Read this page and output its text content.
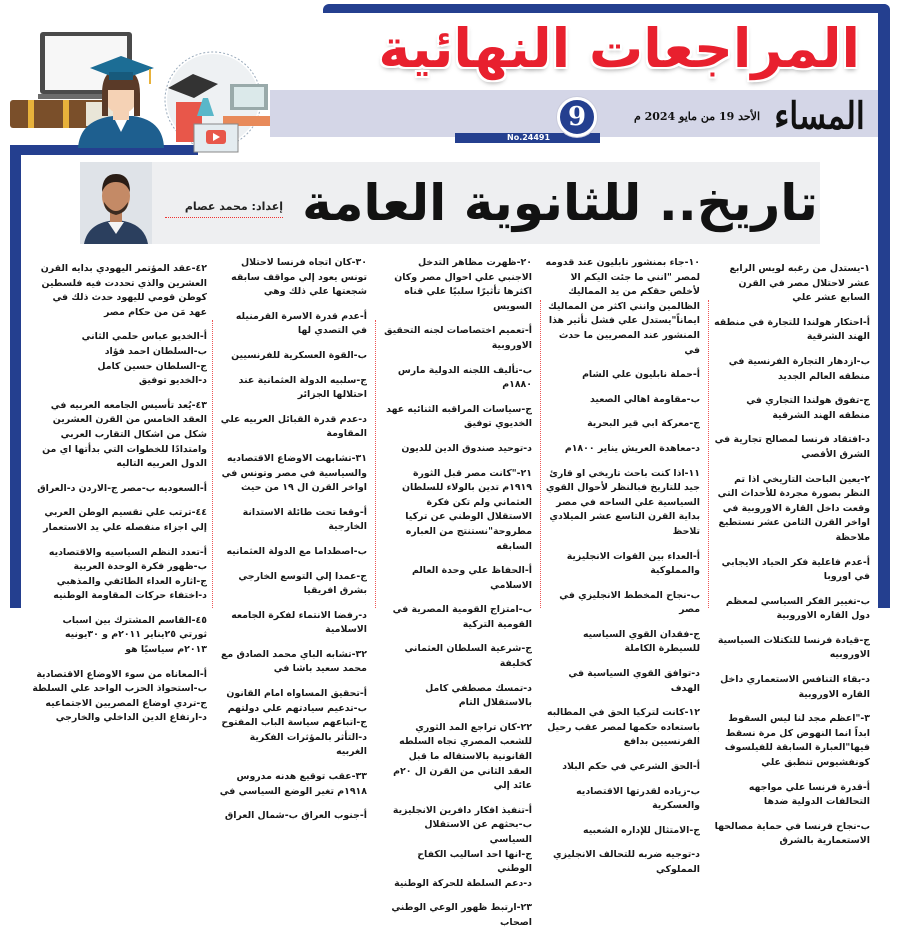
المراجعات النهائية
المساء
الأحد 19 من مايو 2024 م
No.24491
9
تاريخ.. للثانوية العامة
إعداد: محمد عصام
١-يستدل من رغبه لويس الرابع عشر لاحتلال مصر في القرن السابع عشر علي
أ-احتكار هولندا للتجارة في منطقه الهند الشرقية
ب-ازدهار التجارة الفرنسية في منطقه العالم الجديد
ج-تفوق هولندا التجاري في منطقه الهند الشرقية
د-افتقاد فرنسا لمصالح تجارية في الشرق الأقصي
٢-يعين الباحث التاريخي اذا تم النظر بصورة مجردة للأحداث التي وقعت داخل القارة الاوروبية في اواخر القرن الثامن عشر نستطيع ملاحظة
أ-عدم فاعلية فكر الحياد الايجابي في اوروبا
ب-تغيير الفكر السياسي لمعظم دول القاره الاوروبية
ج-قيادة فرنسا للتكتلات السياسية الاوروبيه
د-بقاء التنافس الاستعماري داخل القاره الاوروبية
٣-"اعظم مجد لنا ليس السقوط ابداً انما النهوض كل مرة نسقط فيها"العبارة السابقة للفيلسوف كونفشيوس تنطبق علي
أ-قدرة فرنسا علي مواجهه التحالفات الدولية ضدها
ب-نجاح فرنسا في حماية مصالحها الاستعمارية بالشرق
١٠-جاء بمنشور نابليون عند قدومه لمصر "انني ما جئت اليكم الا لأخلص حقكم من يد المماليك الظالمين وانني اكثر من المماليك ايماناً"يستدل علي فشل تأثير هذا المنشور عند المصريين ما حدث في
أ-حملة نابليون علي الشام
ب-مقاومة اهالي الصعيد
ج-معركة ابي قير البحرية
د-معاهدة العريش يناير ١٨٠٠م
١١-اذا كنت باحث تاريخي او قارئ جيد للتاريخ فبالنظر لأحوال القوي السياسية علي الساحه في مصر بداية القرن التاسع عشر الميلادي تلاحظ
أ-العداء بين القوات الانجليزية والمملوكية
ب-نجاح المخطط الانجليزي في مصر
ج-فقدان القوي السياسيه للسيطرة الكاملة
د-توافق القوي السياسية في الهدف
١٢-كانت لتركيا الحق في المطالبه باستعاده حكمها لمصر عقب رحيل الفرنسيين بدافع
أ-الحق الشرعي في حكم البلاد
ب-زياده لقدرتها الاقتصاديه والعسكرية
ج-الامتثال للإداره الشعبيه
د-توجيه ضربه للتحالف الانجليزي المملوكي
٢٠-ظهرت مظاهر التدخل الاجنبي علي احوال مصر وكان اكثرها تأثيرًا سلبيًا علي قناه السويس
أ-تعميم اختصاصات لجنه التحقيق الاوروبية
ب-تأليف اللجنه الدولية مارس ١٨٨٠م
ج-سياسات المراقبه الثنائيه عهد الخديوي توفيق
د-توحيد صندوق الدين للديون
٢١-"كانت مصر قبل الثورة ١٩١٩م تدين بالولاء للسلطان العثماني ولم تكن فكرة الاستقلال الوطني عن تركيا مطروحة"نستنتج من العباره السابقه
أ-الحفاظ علي وحدة العالم الاسلامي
ب-امتزاج القومية المصرية في القومية التركية
ج-شرعية السلطان العثماني كخليفة
د-تمسك مصطفي كامل بالاستقلال التام
٢٢-كان تراجع المد الثوري للشعب المصري تجاه السلطه القانونية بالاستقاله ما قبل العقد الثاني من القرن ال ٢٠م عائد إلي
أ-تنفيذ افكار دافرين الانجليزية
ب-بحثهم عن الاستقلال السياسي
ج-انها احد اساليب الكفاح الوطني
د-دعم السلطة للحركة الوطنية
٢٣-ارتبط ظهور الوعي الوطني اصحاب
٣٠-كان اتجاه فرنسا لاحتلال تونس يعود إلي مواقف سابقه شجعتها علي ذلك وهي
أ-عدم قدرة الاسرة القرمنيله في التصدي لها
ب-القوة العسكرية للفرنسيين
ج-سلبيه الدولة العثمانية عند احتلالها الجزائر
د-عدم قدرة القبائل العربيه علي المقاومة
٣١-تشابهت الاوضاع الاقتصاديه والسياسية في مصر وتونس في اواخر القرن ال ١٩ من حيث
أ-وقعا تحت طائلة الاستدانة الخارجية
ب-اصطداما مع الدولة العثمانيه
ج-عمدا إلي التوسع الخارجي بشرق افريقيا
د-رفضا الانتماء لفكرة الجامعه الاسلامية
٣٢-تشابه الباي محمد الصادق مع محمد سعيد باشا في
أ-تحقيق المساواه امام القانون
ب-تدعيم سيادتهم علي دولتهم
ج-اتباعهم سياسة الباب المفتوح
د-التأثر بالمؤثرات الفكرية الغربيه
٣٣-عقب توقيع هدنه مدروس ١٩١٨م تغير الوضع السياسي في
أ-جنوب العراق ب-شمال العراق
٤٢-عقد المؤتمر اليهودي بدايه القرن العشرين والذي تحددت فيه فلسطين كوطن قومي لليهود حدث ذلك في عهد مَن من حكام مصر
أ-الخديو عباس حلمي الثاني
ب-السلطان احمد فؤاد
ج-السلطان حسين كامل
د-الخديو توفيق
٤٣-يُعد تأسيس الجامعه العربيه في العقد الخامس من القرن العشرين شكل من اشكال التقارب العربي وامتدادًا للخطوات التي بدأتها اي من الدول العربيه التاليه
أ-السعوديه ب-مصر ج-الاردن د-العراق
٤٤-ترتب علي تقسيم الوطن العربي إلي اجزاء منفصله علي يد الاستعمار
أ-تعدد النظم السياسيه والاقتصاديه
ب-ظهور فكرة الوحدة العربية
ج-اثاره العداء الطائفي والمذهبي
د-اختفاء حركات المقاومة الوطنيه
٤٥-القاسم المشترك بين اسباب ثورتي ٢٥يناير ٢٠١١م و ٣٠يونيه ٢٠١٣م سياسيًا هو
أ-المعاناه من سوء الاوضاع الاقتصادية
ب-استحواذ الحزب الواحد علي السلطة
ج-تردي اوضاع المصريين الاجتماعيه
د-ارتفاع الدين الداخلي والخارجي
